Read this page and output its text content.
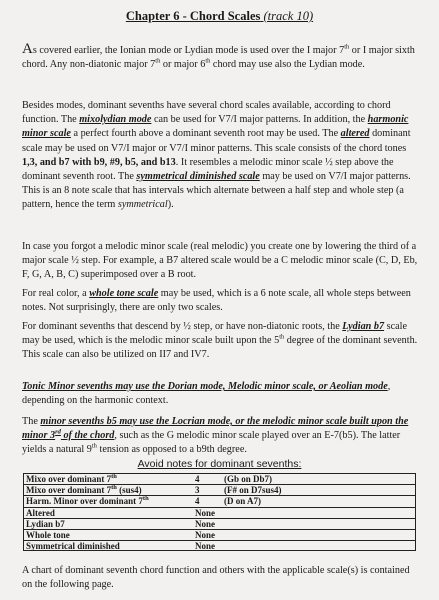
Chapter 6 - Chord Scales (track 10)

As covered earlier, the Ionian mode or Lydian mode is used over the I major 7th or I major sixth chord. Any non-diatonic major 7th or major 6th chord may use also the Lydian mode.

Besides modes, dominant sevenths have several chord scales available, according to chord function. The mixolydian mode can be used for V7/I major patterns. In addition, the harmonic minor scale a perfect fourth above a dominant seventh root may be used. The altered dominant scale may be used on V7/I major or V7/I minor patterns. This scale consists of the chord tones 1,3, and b7 with b9, #9, b5, and b13. It resembles a melodic minor scale ½ step above the dominant seventh root. The symmetrical diminished scale may be used on V7/I major patterns. This is an 8 note scale that has intervals which alternate between a half step and whole step (a pattern, hence the term symmetrical).

In case you forgot a melodic minor scale (real melodic) you create one by lowering the third of a major scale ½ step. For example, a B7 altered scale would be a C melodic minor scale (C, D, Eb, F, G, A, B, C) superimposed over a B root.

For real color, a whole tone scale may be used, which is a 6 note scale, all whole steps between notes. Not surprisingly, there are only two scales.

For dominant sevenths that descend by ½ step, or have non-diatonic roots, the Lydian b7 scale may be used, which is the melodic minor scale built upon the 5th degree of the dominant seventh. This scale can also be utilized on II7 and IV7.

Tonic Minor sevenths may use the Dorian mode, Melodic minor scale, or Aeolian mode, depending on the harmonic context.

The minor sevenths b5 may use the Locrian mode, or the melodic minor scale built upon the minor 3rd of the chord, such as the G melodic minor scale played over an E-7(b5). The latter yields a natural 9th tension as opposed to a b9th degree.

Avoid notes for dominant sevenths:
Mixo over dominant 7th	4	(Gb on Db7)
Mixo over dominant 7th (sus4)	3	(F# on D7sus4)
Harm. Minor over dominant 7th	4	(D on A7)
Altered	None	
Lydian b7	None	
Whole tone	None	
Symmetrical diminished	None	

A chart of dominant seventh chord function and others with the applicable scale(s) is contained on the following page.
